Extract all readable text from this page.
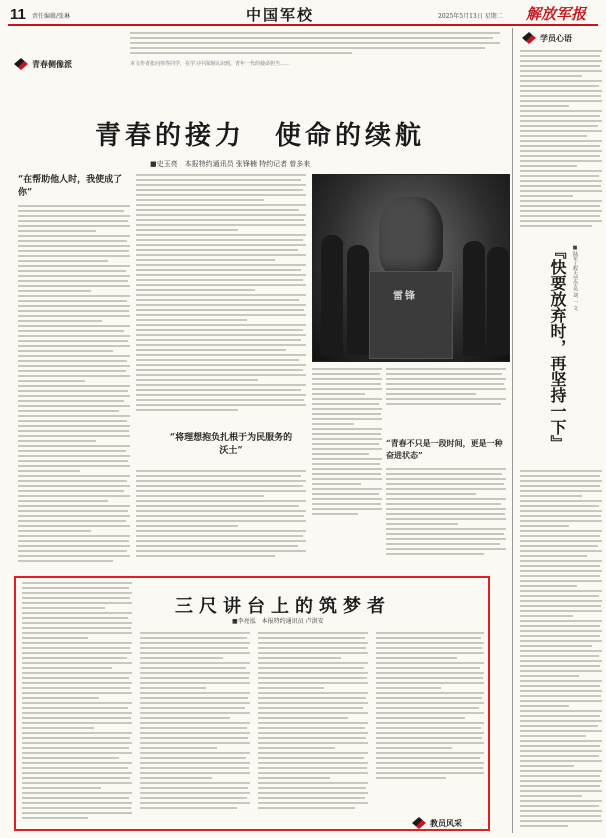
11 责任编辑/张琳	中国军校	2025年5月13日 星期二 解放军报
本文作者张向伟等同学，在学习中深刻认识到，青年一代的使命担当……
青春侧像派
学员心语
青春的接力　使命的续航
■史玉亮　本报特约通讯员 张锋楠 特约记者 曾多来
“在帮助他人时，我使成了你”
雷锋
“将理想抱负扎根于为民服务的沃土”
“青春不只是一段时间，更是一种奋进状态”
『快要放弃时，再坚持一下』 ■陆军工程大学学员 刘 一 文
三尺讲台上的筑梦者
■李亮泓　本报特约通讯员 卢洪安
教员风采
